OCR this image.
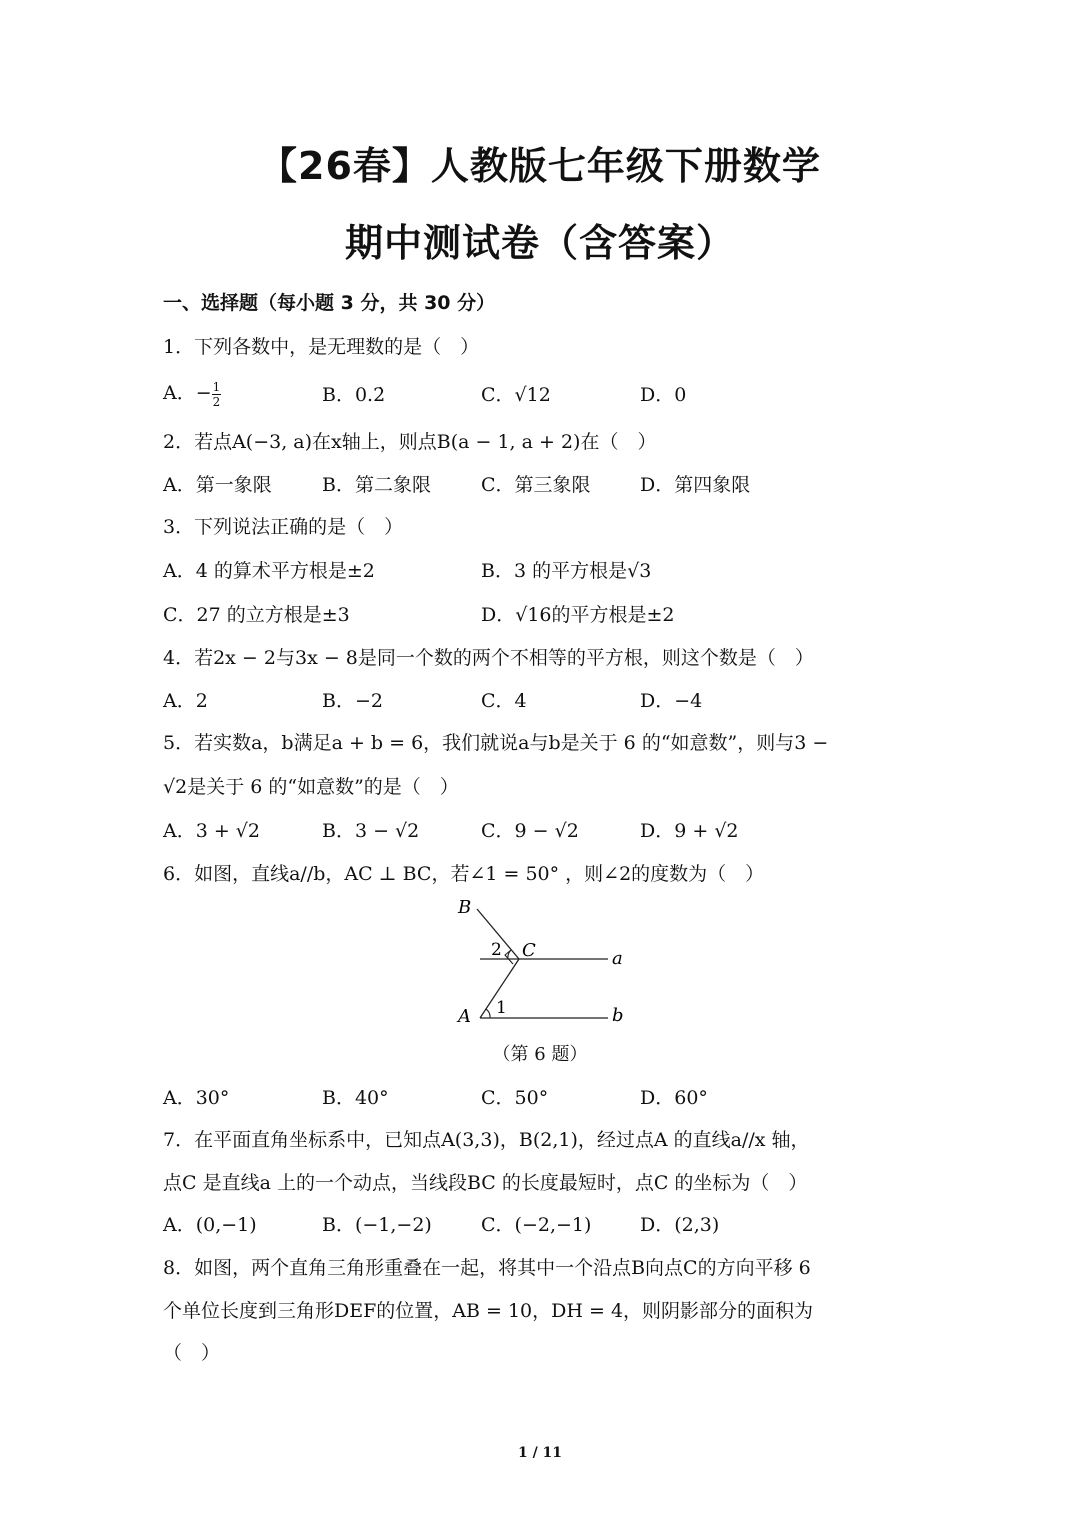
【26春】人教版七年级下册数学
期中测试卷（含答案）
一、选择题（每小题 3 分，共 30 分）
1．下列各数中，是无理数的是（　）
A．− $\frac{1}{2}$	B．0.2̇	C．√12	D．0
2．若点A(−3, a)在x轴上，则点B(a − 1, a + 2)在（　）
A．第一象限	B．第二象限	C．第三象限	D．第四象限
3．下列说法正确的是（　）
A．4 的算术平方根是±2	B．3 的平方根是√3
C．27 的立方根是±3	D．√16的平方根是±2
4．若2x − 2与3x − 8是同一个数的两个不相等的平方根，则这个数是（　）
A．2	B．−2	C．4	D．−4
5．若实数a，b满足a + b = 6，我们就说a与b是关于 6 的“如意数”，则与3 −
√2是关于 6 的“如意数”的是（　）
A．3 + √2	B．3 − √2	C．9 − √2	D．9 + √2
6．如图，直线a//b，AC ⊥ BC，若∠1 = 50° ，则∠2的度数为（　）
B
C
A
a
b
1
2
（第 6 题）
A．30°	B．40°	C．50°	D．60°
7．在平面直角坐标系中，已知点A(3,3)，B(2,1)，经过点A 的直线a//x 轴，
点C 是直线a 上的一个动点，当线段BC 的长度最短时，点C 的坐标为（　）
A．(0,−1)	B．(−1,−2)	C．(−2,−1)	D．(2,3)
8．如图，两个直角三角形重叠在一起，将其中一个沿点B向点C的方向平移 6
个单位长度到三角形DEF的位置，AB = 10，DH = 4，则阴影部分的面积为
（　）
1 / 11
